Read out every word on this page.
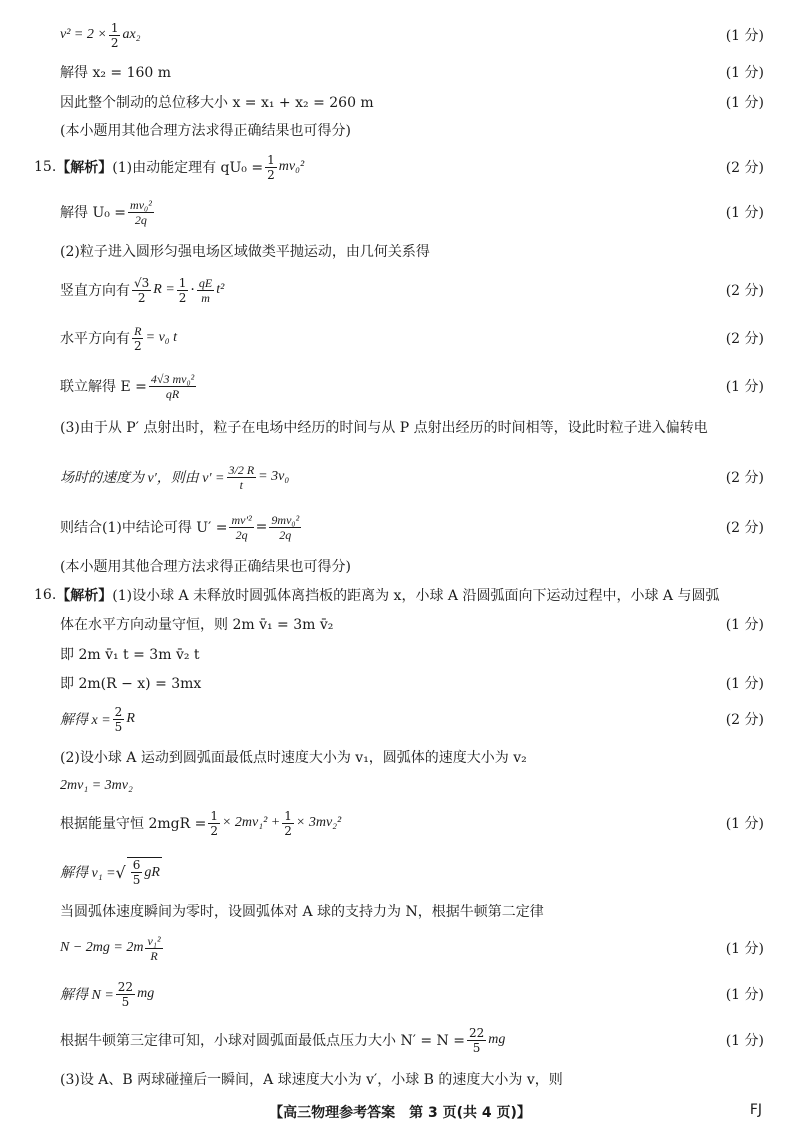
$v^2 = 2 \times \frac{1}{2} ax_2$	(1 分)
解得 x₂ = 160 m	(1 分)
因此整个制动的总位移大小 x = x₁ + x₂ = 260 m	(1 分)
(本小题用其他合理方法求得正确结果也可得分)
15. 【解析】 (1)由动能定理有 $qU_0 = \frac{1}{2} mv_0^2$	(2 分)
解得 $U_0 = \frac{\text{mv₀²}}{2q}$	(1 分)
(2)粒子进入圆形匀强电场区域做类平抛运动，由几何关系得
竖直方向有 $\frac{√3}{2}$ $R = \frac{1}{2} \cdot \frac{qE}{m} t^2$	(2 分)
水平方向有 $\frac{R}{2} = v_0$ t	(2 分)
联立解得 $E = \frac{\text{4√3 mv₀²}}{qR}$	(1 分)
(3)由于从 P′ 点射出时，粒子在电场中经历的时间与从 P 点射出经历的时间相等，设此时粒子进入偏转电
场时的速度为 v′，则由 $v' = \frac{3/2 R}{t} = 3v_0$	(2 分)
则结合(1)中结论可得 $U' = \frac{\text{mv′²}}{2q} = \frac{\text{9mv₀²}}{2q}$	(2 分)
(本小题用其他合理方法求得正确结果也可得分)
16. 【解析】 (1)设小球 A 未释放时圆弧体离挡板的距离为 x，小球 A 沿圆弧面向下运动过程中，小球 A 与圆弧
体在水平方向动量守恒，则 2m v̄₁ = 3m v̄₂	(1 分)
即 2m v̄₁ t = 3m v̄₂ t
即 2m(R − x) = 3mx	(1 分)
解得 $x = \frac{2}{5}$ R	(2 分)
(2)设小球 A 运动到圆弧面最低点时速度大小为 v₁，圆弧体的速度大小为 v₂
2mv₁ = 3mv₂
根据能量守恒 $2mgR = \frac{1}{2} \times 2mv_1^2 + \frac{1}{2} \times 3mv_2^2$	(1 分)
解得 v₁ = √ $\frac{6}{5}$ gR
当圆弧体速度瞬间为零时，设圆弧体对 A 球的支持力为 N，根据牛顿第二定律
$N - 2mg = 2m \frac{\text{v₁²}}{R}$	(1 分)
解得 $N = \frac{22}{5}$ mg	(1 分)
根据牛顿第三定律可知，小球对圆弧面最低点压力大小 $N' = N = \frac{22}{5}$ mg	(1 分)
(3)设 A、B 两球碰撞后一瞬间，A 球速度大小为 v′，小球 B 的速度大小为 v，则
【高三物理参考答案　第 3 页(共 4 页)】	FJ
